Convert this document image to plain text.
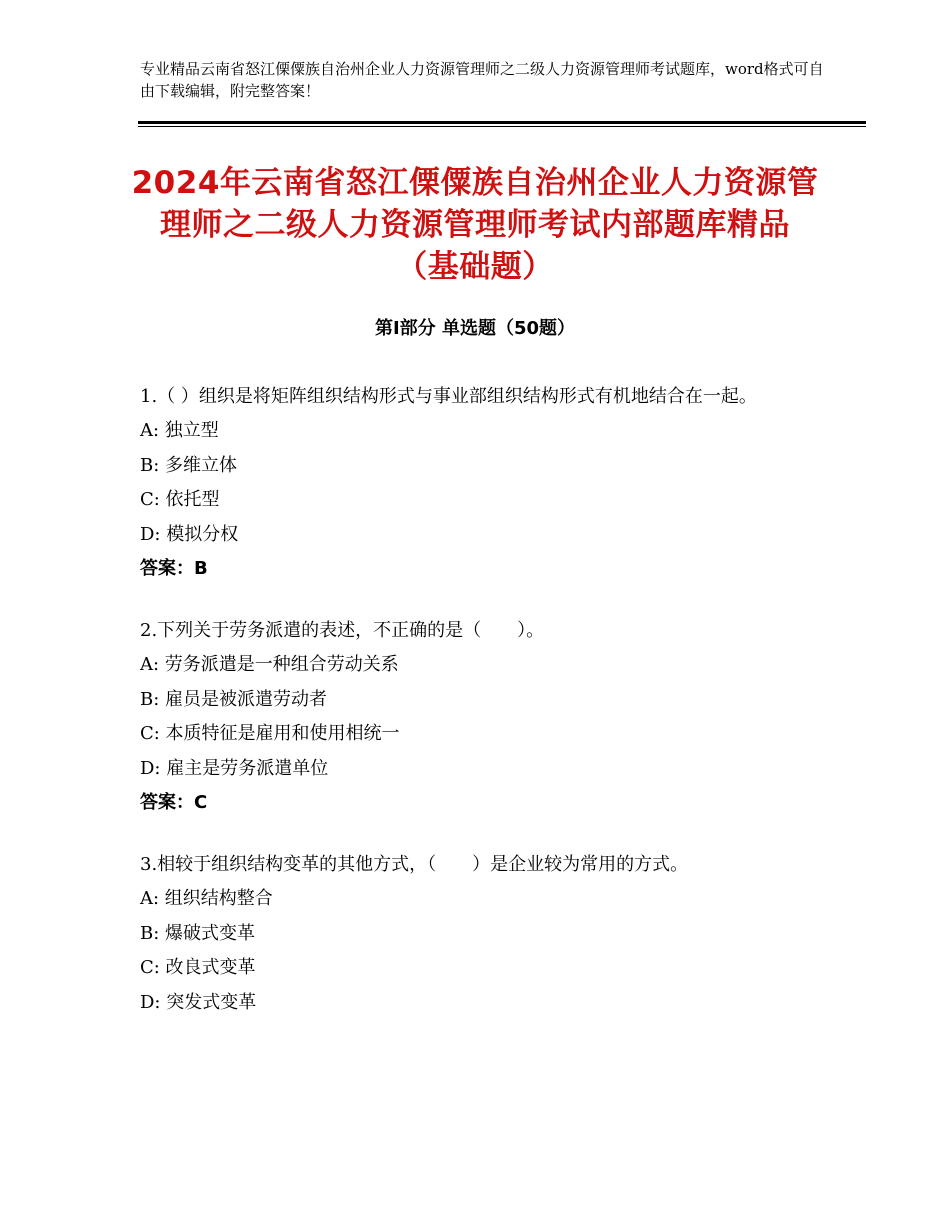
专业精品云南省怒江傈僳族自治州企业人力资源管理师之二级人力资源管理师考试题库，word格式可自由下载编辑，附完整答案！
2024年云南省怒江傈僳族自治州企业人力资源管理师之二级人力资源管理师考试内部题库精品（基础题）
第Ⅰ部分 单选题（50题）

1.（ ）组织是将矩阵组织结构形式与事业部组织结构形式有机地结合在一起。

A: 独立型

B: 多维立体

C: 依托型

D: 模拟分权

答案：B

2.下列关于劳务派遣的表述，不正确的是（　　）。

A: 劳务派遣是一种组合劳动关系

B: 雇员是被派遣劳动者

C: 本质特征是雇用和使用相统一

D: 雇主是劳务派遣单位

答案：C

3.相较于组织结构变革的其他方式，（　　）是企业较为常用的方式。

A: 组织结构整合

B: 爆破式变革

C: 改良式变革

D: 突发式变革
